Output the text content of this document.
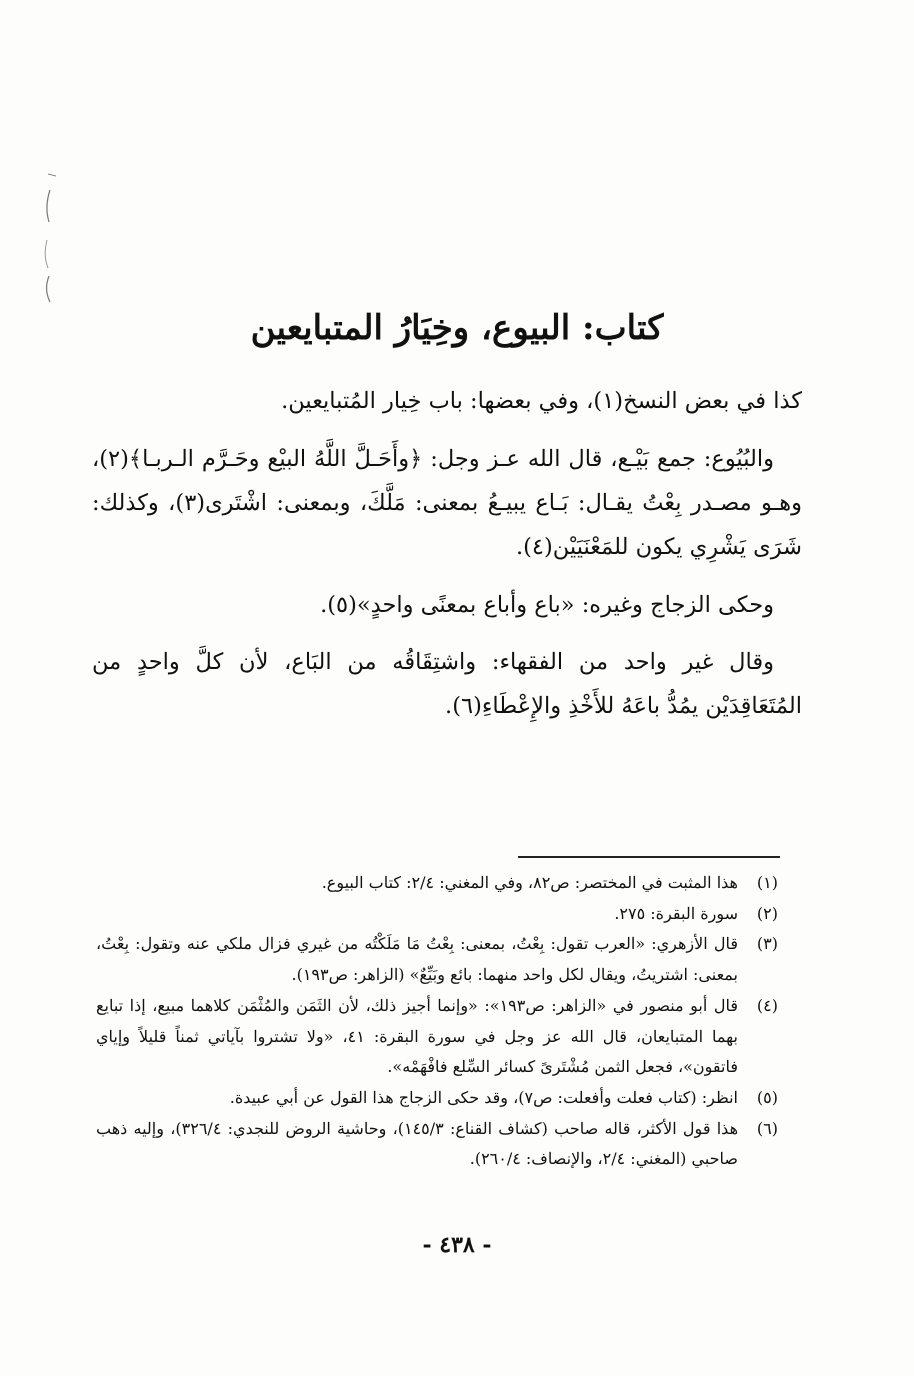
كتاب: البيوع، وخِيَارُ المتبايعين

كذا في بعض النسخ(١)، وفي بعضها: باب خِيار المُتبايعين.

والبُيُوع: جمع بَيْـع، قال الله عـز وجل: ﴿وأَحَـلَّ اللَّهُ البيْع وحَـرَّم الـربـا﴾(٢)، وهـو مصـدر بِعْتُ يقـال: بَـاع يبيـعُ بمعنى: مَلَّكَ، وبمعنى: اشْتَرى(٣)، وكذلك: شَرَى يَشْرِي يكون للمَعْنَيَيْن(٤).

وحكى الزجاج وغيره: «باع وأباع بمعنًى واحدٍ»(٥).

وقال غير واحد من الفقهاء: واشتِقَاقُه من البَاع، لأن كلَّ واحدٍ من المُتَعَاقِدَيْن يمُدُّ باعَهُ للأَخْذِ والإِعْطَاءِ(٦).

(١)
هذا المثبت في المختصر: ص٨٢، وفي المغني: ٢/٤: كتاب البيوع.
(٢)
سورة البقرة: ٢٧٥.
(٣)
قال الأزهري: «العرب تقول: بِعْتُ، بمعنى: بِعْتُ مَا مَلَكْتُه من غيري فزال ملكي عنه وتقول: بِعْتُ، بمعنى: اشتريتُ، ويقال لكل واحد منهما: بائع وبَيِّعٌ» (الزاهر: ص١٩٣).
(٤)
قال أبو منصور في «الزاهر: ص١٩٣»: «وإنما أجيز ذلك، لأن الثَمَن والمُثْمَن كلاهما مبيع، إذا تبايع بهما المتبايعان، قال الله عز وجل في سورة البقرة: ٤١، «ولا تشتروا بآياتي ثمناً قليلاً وإياي فاتقون»، فجعل الثمن مُشْتَرىً كسائر السِّلع فافْهَمْه».
(٥)
انظر: (كتاب فعلت وأفعلت: ص٧)، وقد حكى الزجاج هذا القول عن أبي عبيدة.
(٦)
هذا قول الأكثر، قاله صاحب (كشاف القناع: ١٤٥/٣)، وحاشية الروض للنجدي: ٣٢٦/٤)، وإليه ذهب صاحبي (المغني: ٢/٤، والإنصاف: ٢٦٠/٤).
- ٤٣٨ -
